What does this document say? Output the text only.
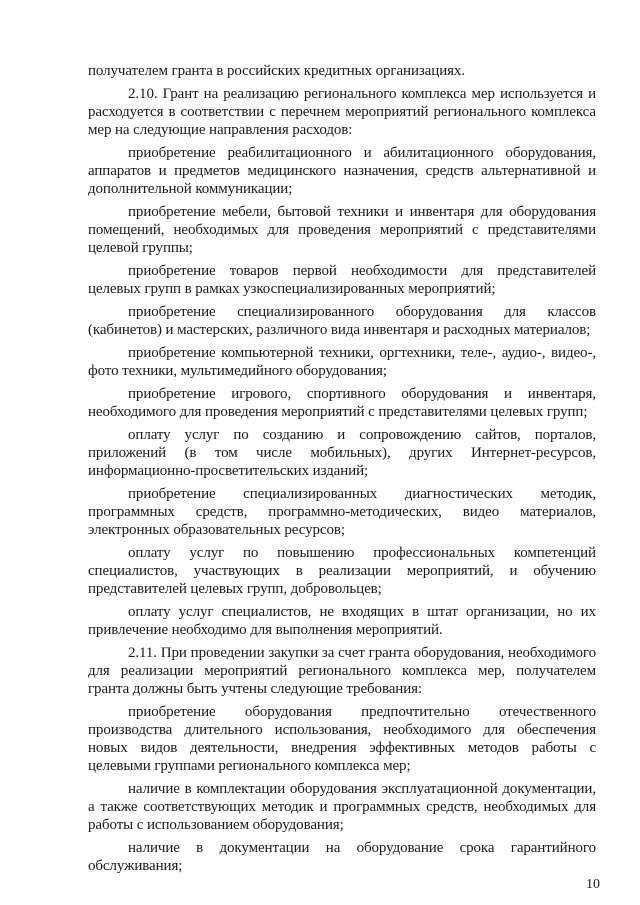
получателем гранта в российских кредитных организациях.

2.10. Грант на реализацию регионального комплекса мер используется и расходуется в соответствии с перечнем мероприятий регионального комплекса мер на следующие направления расходов:

приобретение реабилитационного и абилитационного оборудования, аппаратов и предметов медицинского назначения, средств альтернативной и дополнительной коммуникации;

приобретение мебели, бытовой техники и инвентаря для оборудования помещений, необходимых для проведения мероприятий с представителями целевой группы;

приобретение товаров первой необходимости для представителей целевых групп в рамках узкоспециализированных мероприятий;

приобретение специализированного оборудования для классов (кабинетов) и мастерских, различного вида инвентаря и расходных материалов;

приобретение компьютерной техники, оргтехники, теле-, аудио-, видео-, фото техники, мультимедийного оборудования;

приобретение игрового, спортивного оборудования и инвентаря, необходимого для проведения мероприятий с представителями целевых групп;

оплату услуг по созданию и сопровождению сайтов, порталов, приложений (в том числе мобильных), других Интернет-ресурсов, информационно-просветительских изданий;

приобретение специализированных диагностических методик, программных средств, программно-методических, видео материалов, электронных образовательных ресурсов;

оплату услуг по повышению профессиональных компетенций специалистов, участвующих в реализации мероприятий, и обучению представителей целевых групп, добровольцев;

оплату услуг специалистов, не входящих в штат организации, но их привлечение необходимо для выполнения мероприятий.

2.11. При проведении закупки за счет гранта оборудования, необходимого для реализации мероприятий регионального комплекса мер, получателем гранта должны быть учтены следующие требования:

приобретение оборудования предпочтительно отечественного производства длительного использования, необходимого для обеспечения новых видов деятельности, внедрения эффективных методов работы с целевыми группами регионального комплекса мер;

наличие в комплектации оборудования эксплуатационной документации, а также соответствующих методик и программных средств, необходимых для работы с использованием оборудования;

наличие в документации на оборудование срока гарантийного обслуживания;

10
